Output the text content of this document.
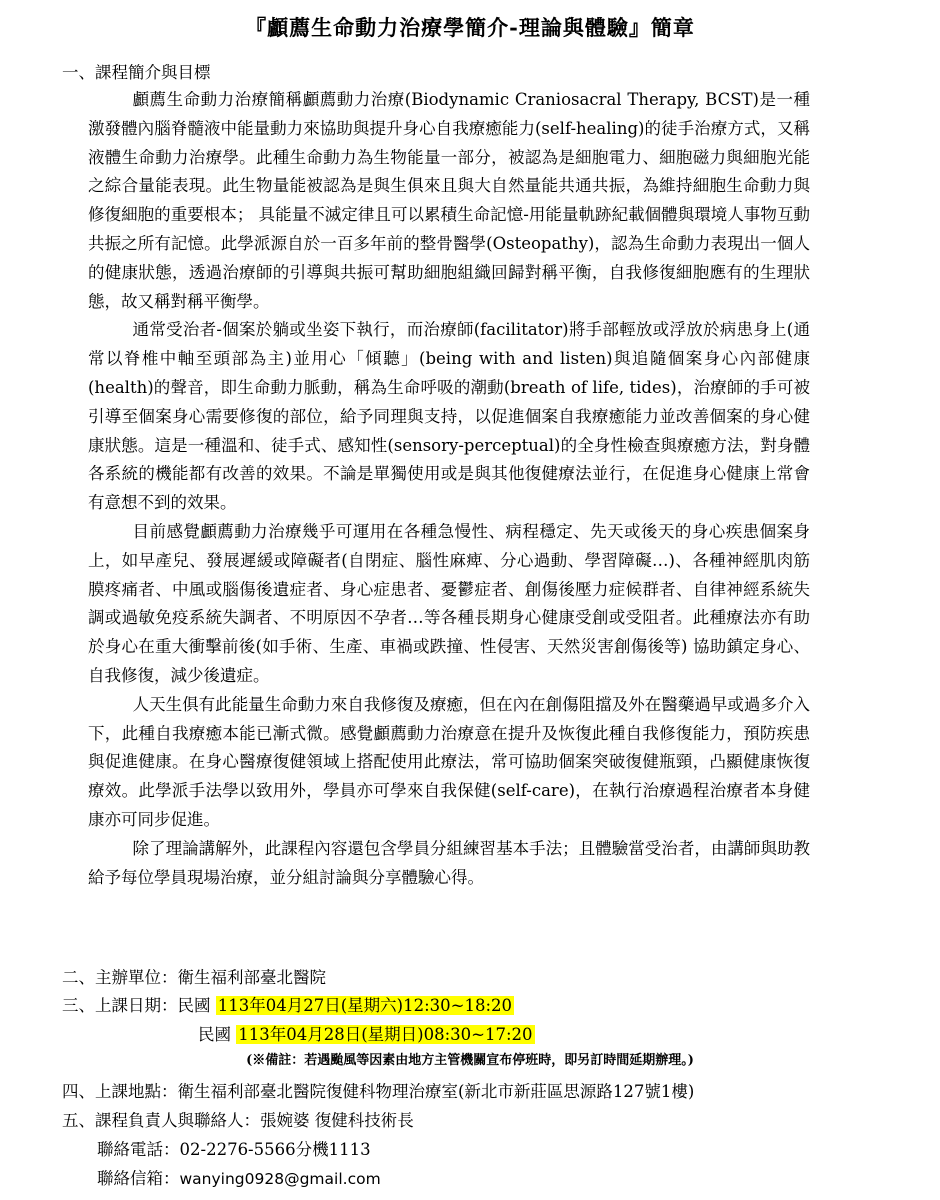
『顱薦生命動力治療學簡介-理論與體驗』簡章
一、課程簡介與目標

顱薦生命動力治療簡稱顱薦動力治療(Biodynamic Craniosacral Therapy, BCST)是一種激發體內腦脊髓液中能量動力來協助與提升身心自我療癒能力(self-healing)的徒手治療方式，又稱液體生命動力治療學。此種生命動力為生物能量一部分，被認為是細胞電力、細胞磁力與細胞光能之綜合量能表現。此生物量能被認為是與生俱來且與大自然量能共通共振，為維持細胞生命動力與修復細胞的重要根本； 具能量不滅定律且可以累積生命記憶-用能量軌跡紀載個體與環境人事物互動共振之所有記憶。此學派源自於一百多年前的整骨醫學(Osteopathy)，認為生命動力表現出一個人的健康狀態，透過治療師的引導與共振可幫助細胞組織回歸對稱平衡，自我修復細胞應有的生理狀態，故又稱對稱平衡學。

通常受治者-個案於躺或坐姿下執行，而治療師(facilitator)將手部輕放或浮放於病患身上(通常以脊椎中軸至頭部為主)並用心「傾聽」(being with and listen)與追隨個案身心內部健康(health)的聲音，即生命動力脈動，稱為生命呼吸的潮動(breath of life, tides)，治療師的手可被引導至個案身心需要修復的部位，給予同理與支持，以促進個案自我療癒能力並改善個案的身心健康狀態。這是一種溫和、徒手式、感知性(sensory-perceptual)的全身性檢查與療癒方法，對身體各系統的機能都有改善的效果。不論是單獨使用或是與其他復健療法並行，在促進身心健康上常會有意想不到的效果。

目前感覺顱薦動力治療幾乎可運用在各種急慢性、病程穩定、先天或後天的身心疾患個案身上，如早產兒、發展遲緩或障礙者(自閉症、腦性麻痺、分心過動、學習障礙…)、各種神經肌肉筋膜疼痛者、中風或腦傷後遺症者、身心症患者、憂鬱症者、創傷後壓力症候群者、自律神經系統失調或過敏免疫系統失調者、不明原因不孕者…等各種長期身心健康受創或受阻者。此種療法亦有助於身心在重大衝擊前後(如手術、生產、車禍或跌撞、性侵害、天然災害創傷後等) 協助鎮定身心、自我修復，減少後遺症。

人天生俱有此能量生命動力來自我修復及療癒，但在內在創傷阻擋及外在醫藥過早或過多介入下，此種自我療癒本能已漸式微。感覺顱薦動力治療意在提升及恢復此種自我修復能力，預防疾患與促進健康。在身心醫療復健領域上搭配使用此療法，常可協助個案突破復健瓶頸，凸顯健康恢復療效。此學派手法學以致用外，學員亦可學來自我保健(self-care)，在執行治療過程治療者本身健康亦可同步促進。

除了理論講解外，此課程內容還包含學員分組練習基本手法；且體驗當受治者，由講師與助教給予每位學員現場治療，並分組討論與分享體驗心得。

二、主辦單位：衛生福利部臺北醫院
三、上課日期：民國 113年04月27日(星期六)12:30~18:20
民國 113年04月28日(星期日)08:30~17:20
(※備註：若遇颱風等因素由地方主管機關宣布停班時，即另訂時間延期辦理。)
四、上課地點：衛生福利部臺北醫院復健科物理治療室(新北市新莊區思源路127號1樓)
五、課程負責人與聯絡人：張婉婆 復健科技術長
聯絡電話：02-2276-5566分機1113
聯絡信箱：wanying0928@gmail.com
